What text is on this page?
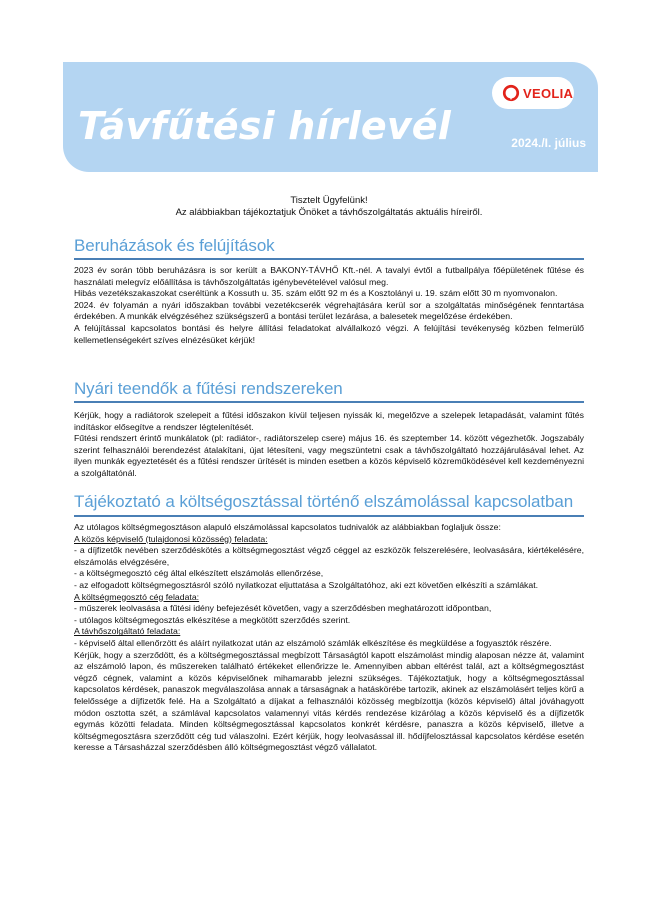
Távfűtési hírlevél	2024./I. július
VEOLIA

Tisztelt Ügyfelünk!

Az alábbiakban tájékoztatjuk Önöket a távhőszolgáltatás aktuális híreiről.

Beruházások és felújítások

2023 év során több beruházásra is sor került a BAKONY-TÁVHŐ Kft.-nél. A tavalyi évtől a futballpálya főépületének fűtése és használati melegvíz előállítása is távhőszolgáltatás igénybevételével valósul meg.

Hibás vezetékszakaszokat cseréltünk a Kossuth u. 35. szám előtt 92 m és a Kosztolányi u. 19. szám előtt 30 m nyomvonalon.

2024. év folyamán a nyári időszakban további vezetékcserék végrehajtására kerül sor a szolgáltatás minőségének fenntartása érdekében. A munkák elvégzéséhez szükségszerű a bontási terület lezárása, a balesetek megelőzése érdekében.

A felújítással kapcsolatos bontási és helyre állítási feladatokat alvállalkozó végzi. A felújítási tevékenység közben felmerülő kellemetlenségekért szíves elnézésüket kérjük!

Nyári teendők a fűtési rendszereken

Kérjük, hogy a radiátorok szelepeit a fűtési időszakon kívül teljesen nyissák ki, megelőzve a szelepek letapadását, valamint fűtés indításkor elősegítve a rendszer légtelenítését.

Fűtési rendszert érintő munkálatok (pl: radiátor-, radiátorszelep csere) május 16. és szeptember 14. között végezhetők. Jogszabály szerint felhasználói berendezést átalakítani, újat létesíteni, vagy megszüntetni csak a távhőszolgáltató hozzájárulásával lehet. Az ilyen munkák egyeztetését és a fűtési rendszer ürítését is minden esetben a közös képviselő közreműködésével kell kezdeményezni a szolgáltatónál.

Tájékoztató a költségosztással történő elszámolással kapcsolatban

Az utólagos költségmegosztáson alapuló elszámolással kapcsolatos tudnivalók az alábbiakban foglaljuk össze:

A közös képviselő (tulajdonosi közösség) feladata:

- a díjfizetők nevében szerződéskötés a költségmegosztást végző céggel az eszközök felszerelésére, leolvasására, kiértékelésére, elszámolás elvégzésére,

- a költségmegosztó cég által elkészített elszámolás ellenőrzése,

- az elfogadott költségmegosztásról szóló nyilatkozat eljuttatása a Szolgáltatóhoz, aki ezt követően elkészíti a számlákat.

A költségmegosztó cég feladata:

- műszerek leolvasása a fűtési idény befejezését követően, vagy a szerződésben meghatározott időpontban,

- utólagos költségmegosztás elkészítése a megkötött szerződés szerint.

A távhőszolgáltató feladata:

- képviselő által ellenőrzött és aláírt nyilatkozat után az elszámoló számlák elkészítése és megküldése a fogyasztók részére.

Kérjük, hogy a szerződött, és a költségmegosztással megbízott Társaságtól kapott elszámolást mindig alaposan nézze át, valamint az elszámoló lapon, és műszereken található értékeket ellenőrizze le. Amennyiben abban eltérést talál, azt a költségmegosztást végző cégnek, valamint a közös képviselőnek mihamarabb jelezni szükséges. Tájékoztatjuk, hogy a költségmegosztással kapcsolatos kérdések, panaszok megválaszolása annak a társaságnak a hatáskörébe tartozik, akinek az elszámolásért teljes körű a felelőssége a díjfizetők felé. Ha a Szolgáltató a díjakat a felhasználói közösség megbízottja (közös képviselő) által jóváhagyott módon osztotta szét, a számlával kapcsolatos valamennyi vitás kérdés rendezése kizárólag a közös képviselő és a díjfizetők egymás közötti feladata. Minden költségmegosztással kapcsolatos konkrét kérdésre, panaszra a közös képviselő, illetve a költségmegosztásra szerződött cég tud válaszolni. Ezért kérjük, hogy leolvasással ill. hődíjfelosztással kapcsolatos kérdése esetén keresse a Társasházzal szerződésben álló költségmegosztást végző vállalatot.
